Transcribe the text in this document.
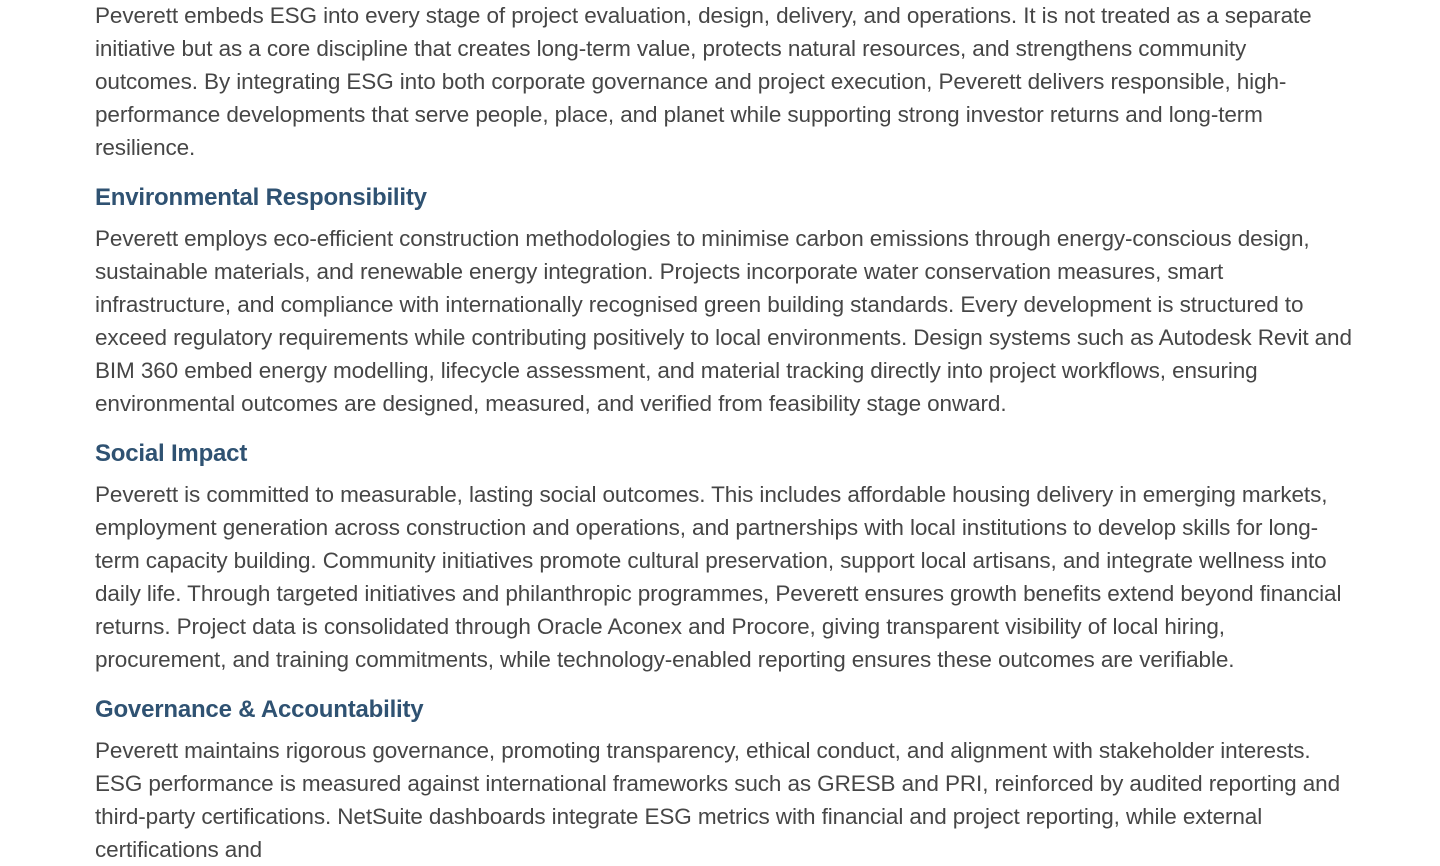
Peverett embeds ESG into every stage of project evaluation, design, delivery, and operations. It is not treated as a separate initiative but as a core discipline that creates long-term value, protects natural resources, and strengthens community outcomes. By integrating ESG into both corporate governance and project execution, Peverett delivers responsible, high-performance developments that serve people, place, and planet while supporting strong investor returns and long-term resilience.

Environmental Responsibility

Peverett employs eco-efficient construction methodologies to minimise carbon emissions through energy-conscious design, sustainable materials, and renewable energy integration. Projects incorporate water conservation measures, smart infrastructure, and compliance with internationally recognised green building standards. Every development is structured to exceed regulatory requirements while contributing positively to local environments. Design systems such as Autodesk Revit and BIM 360 embed energy modelling, lifecycle assessment, and material tracking directly into project workflows, ensuring environmental outcomes are designed, measured, and verified from feasibility stage onward.

Social Impact

Peverett is committed to measurable, lasting social outcomes. This includes affordable housing delivery in emerging markets, employment generation across construction and operations, and partnerships with local institutions to develop skills for long-term capacity building. Community initiatives promote cultural preservation, support local artisans, and integrate wellness into daily life. Through targeted initiatives and philanthropic programmes, Peverett ensures growth benefits extend beyond financial returns. Project data is consolidated through Oracle Aconex and Procore, giving transparent visibility of local hiring, procurement, and training commitments, while technology-enabled reporting ensures these outcomes are verifiable.

Governance & Accountability

Peverett maintains rigorous governance, promoting transparency, ethical conduct, and alignment with stakeholder interests. ESG performance is measured against international frameworks such as GRESB and PRI, reinforced by audited reporting and third-party certifications. NetSuite dashboards integrate ESG metrics with financial and project reporting, while external certifications and
